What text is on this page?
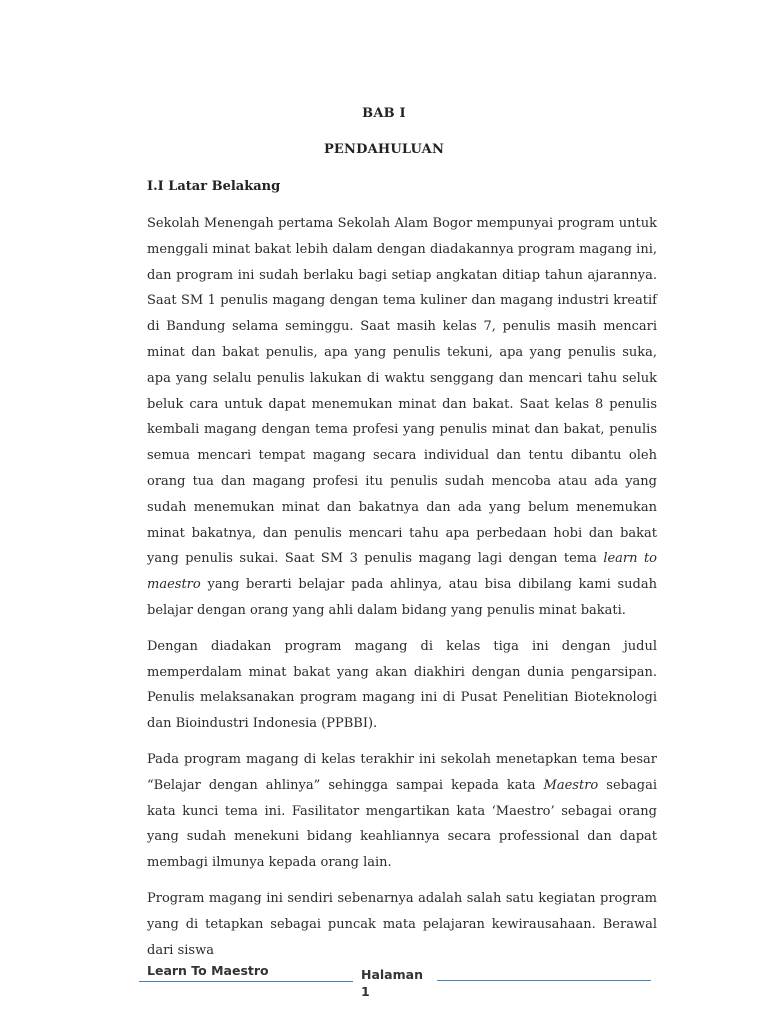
BAB I
PENDAHULUAN
I.I Latar Belakang

Sekolah Menengah pertama Sekolah Alam Bogor mempunyai program untuk menggali minat bakat lebih dalam dengan diadakannya program magang ini, dan program ini sudah berlaku bagi setiap angkatan ditiap tahun ajarannya. Saat SM 1 penulis magang dengan tema kuliner dan magang industri kreatif di Bandung selama seminggu. Saat masih kelas 7, penulis masih mencari minat dan bakat penulis, apa yang penulis tekuni, apa yang penulis suka, apa yang selalu penulis lakukan di waktu senggang dan mencari tahu seluk beluk cara untuk dapat menemukan minat dan bakat. Saat kelas 8 penulis kembali magang dengan tema profesi yang penulis minat dan bakat, penulis semua mencari tempat magang secara individual dan tentu dibantu oleh orang tua dan magang profesi itu penulis sudah mencoba atau ada yang sudah menemukan minat dan bakatnya dan ada yang belum menemukan minat bakatnya, dan penulis mencari tahu apa perbedaan hobi dan bakat yang penulis sukai. Saat SM 3 penulis magang lagi dengan tema learn to maestro yang berarti belajar pada ahlinya, atau bisa dibilang kami sudah belajar dengan orang yang ahli dalam bidang yang penulis minat bakati.

Dengan diadakan program magang di kelas tiga ini dengan judul memperdalam minat bakat yang akan diakhiri dengan dunia pengarsipan. Penulis melaksanakan program magang ini di Pusat Penelitian Bioteknologi dan Bioindustri Indonesia (PPBBI).

Pada program magang di kelas terakhir ini sekolah menetapkan tema besar “Belajar dengan ahlinya” sehingga sampai kepada kata Maestro sebagai kata kunci tema ini. Fasilitator mengartikan kata ‘Maestro’ sebagai orang yang sudah menekuni bidang keahliannya secara professional dan dapat membagi ilmunya kepada orang lain.

Program magang ini sendiri sebenarnya adalah salah satu kegiatan program yang di tetapkan sebagai puncak mata pelajaran kewirausahaan. Berawal dari siswa

Learn To Maestro	Halaman
1
